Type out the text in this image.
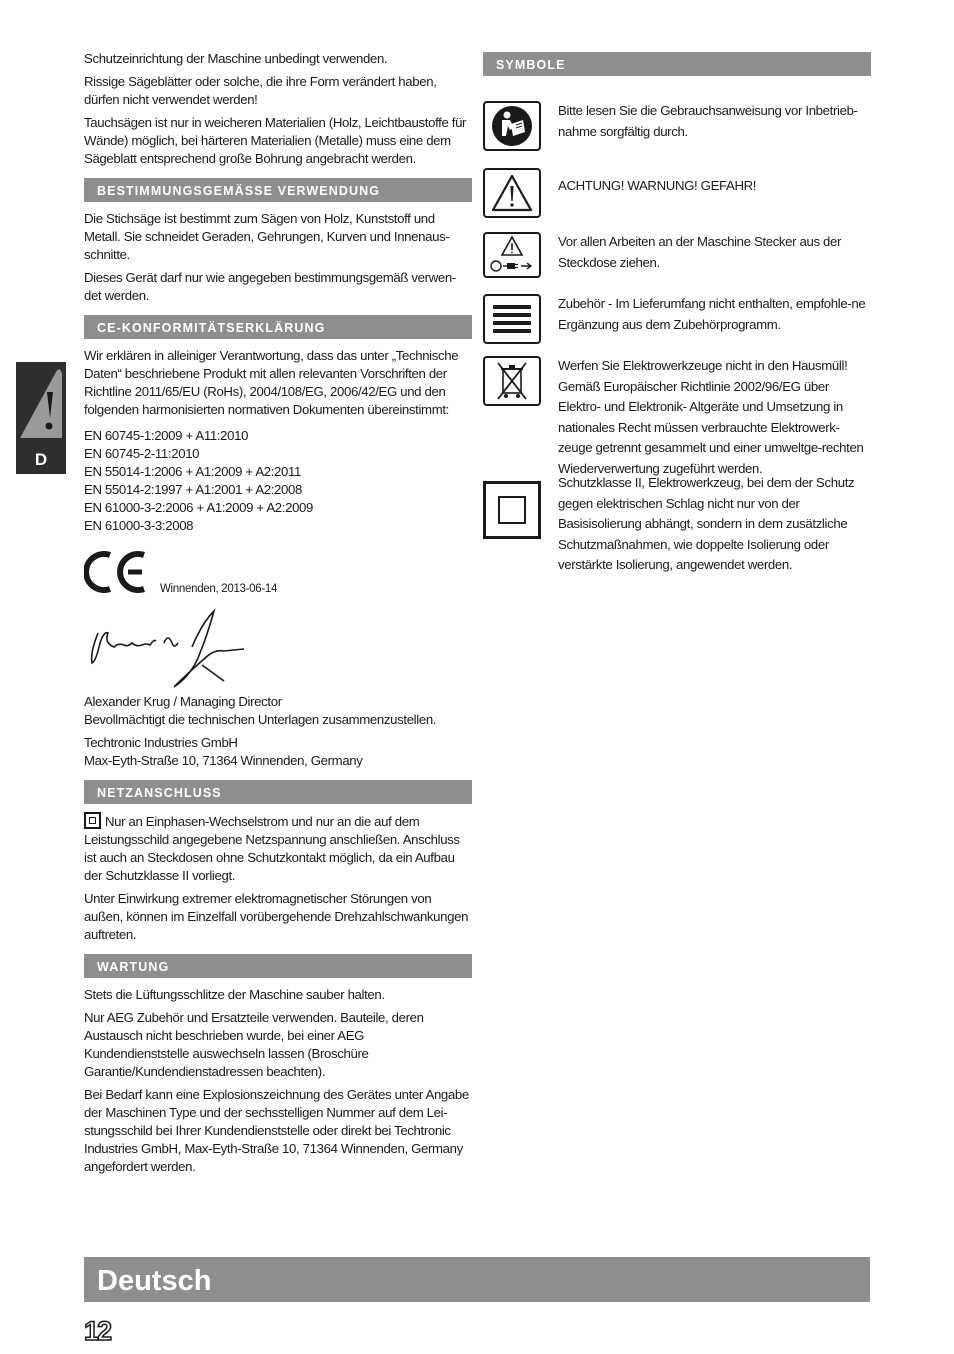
D

Schutzeinrichtung der Maschine unbedingt verwenden.

Rissige Sägeblätter oder solche, die ihre Form verändert haben, dürfen nicht verwendet werden!

Tauchsägen ist nur in weicheren Materialien (Holz, Leichtbaustoffe für Wände) möglich, bei härteren Materialien (Metalle) muss eine dem Sägeblatt entsprechend große Bohrung angebracht werden.

BESTIMMUNGSGEMÄSSE VERWENDUNG

Die Stichsäge ist bestimmt zum Sägen von Holz, Kunststoff und Metall. Sie schneidet Geraden, Gehrungen, Kurven und Innenaus-schnitte.

Dieses Gerät darf nur wie angegeben bestimmungsgemäß verwen-det werden.

CE-KONFORMITÄTSERKLÄRUNG

Wir erklären in alleiniger Verantwortung, dass das unter „Technische Daten“ beschriebene Produkt mit allen relevanten Vorschriften der Richtline 2011/65/EU (RoHs), 2004/108/EG, 2006/42/EG und den folgenden harmonisierten normativen Dokumenten übereinstimmt:

EN 60745-1:2009 + A11:2010
EN 60745-2-11:2010
EN 55014-1:2006 + A1:2009 + A2:2011
EN 55014-2:1997 + A1:2001 + A2:2008
EN 61000-3-2:2006 + A1:2009 + A2:2009
EN 61000-3-3:2008
Winnenden, 2013-06-14

Alexander Krug / Managing Director

Bevollmächtigt die technischen Unterlagen zusammenzustellen.

Techtronic Industries GmbH

Max-Eyth-Straße 10, 71364 Winnenden, Germany

NETZANSCHLUSS

Nur an Einphasen-Wechselstrom und nur an die auf dem Leistungsschild angegebene Netzspannung anschließen. Anschluss ist auch an Steckdosen ohne Schutzkontakt möglich, da ein Aufbau der Schutzklasse II vorliegt.

Unter Einwirkung extremer elektromagnetischer Störungen von außen, können im Einzelfall vorübergehende Drehzahlschwankungen auftreten.

WARTUNG

Stets die Lüftungsschlitze der Maschine sauber halten.

Nur AEG Zubehör und Ersatzteile verwenden. Bauteile, deren Austausch nicht beschrieben wurde, bei einer AEG Kundendienststelle auswechseln lassen (Broschüre Garantie/Kundendienstadressen beachten).

Bei Bedarf kann eine Explosionszeichnung des Gerätes unter Angabe der Maschinen Type und der sechsstelligen Nummer auf dem Lei-stungsschild bei Ihrer Kundendienststelle oder direkt bei Techtronic Industries GmbH, Max-Eyth-Straße 10, 71364 Winnenden, Germany angefordert werden.

SYMBOLE
Bitte lesen Sie die Gebrauchsanweisung vor Inbetrieb-nahme sorgfältig durch.
ACHTUNG! WARNUNG! GEFAHR!
Vor allen Arbeiten an der Maschine Stecker aus der Steckdose ziehen.
Zubehör - Im Lieferumfang nicht enthalten, empfohle-ne Ergänzung aus dem Zubehörprogramm.
Werfen Sie Elektrowerkzeuge nicht in den Hausmüll! Gemäß Europäischer Richtlinie 2002/96/EG über Elektro- und Elektronik- Altgeräte und Umsetzung in nationales Recht müssen verbrauchte Elektrowerk-zeuge getrennt gesammelt und einer umweltge-rechten Wiederverwertung zugeführt werden.
Schutzklasse II, Elektrowerkzeug, bei dem der Schutz gegen elektrischen Schlag nicht nur von der Basisisolierung abhängt, sondern in dem zusätzliche Schutzmaßnahmen, wie doppelte Isolierung oder verstärkte Isolierung, angewendet werden.
Deutsch
12
